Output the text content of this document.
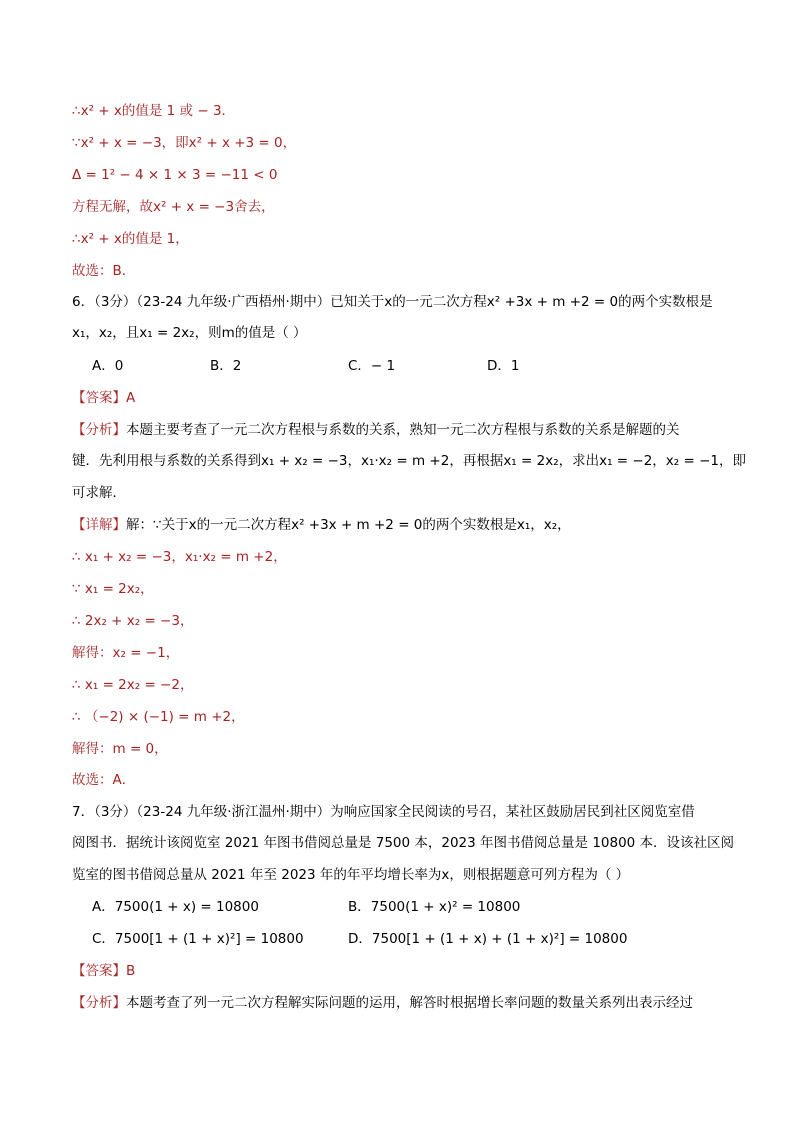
∴x² + x的值是 1 或 − 3．
∵x² + x = −3，即x² + x +3 = 0，
Δ = 1² − 4 × 1 × 3 = −11 < 0
方程无解，故x² + x = −3舍去，
∴x² + x的值是 1，
故选：B．
6．（3分）（23-24 九年级·广西梧州·期中）已知关于x的一元二次方程x² +3x + m +2 = 0的两个实数根是
x₁，x₂，且x₁ = 2x₂，则m的值是（ ）
A．0	B．2	C．− 1	D．1
【答案】A
【分析】本题主要考查了一元二次方程根与系数的关系，熟知一元二次方程根与系数的关系是解题的关
键．先利用根与系数的关系得到x₁ + x₂ = −3，x₁·x₂ = m +2，再根据x₁ = 2x₂，求出x₁ = −2，x₂ = −1，即
可求解．
【详解】解：∵关于x的一元二次方程x² +3x + m +2 = 0的两个实数根是x₁，x₂，
∴ x₁ + x₂ = −3，x₁·x₂ = m +2，
∵ x₁ = 2x₂，
∴ 2x₂ + x₂ = −3，
解得：x₂ = −1，
∴ x₁ = 2x₂ = −2，
∴ （−2) × (−1) = m +2，
解得：m = 0，
故选：A．
7．（3分）（23-24 九年级·浙江温州·期中）为响应国家全民阅读的号召，某社区鼓励居民到社区阅览室借
阅图书．据统计该阅览室 2021 年图书借阅总量是 7500 本，2023 年图书借阅总量是 10800 本．设该社区阅
览室的图书借阅总量从 2021 年至 2023 年的年平均增长率为x，则根据题意可列方程为（ ）
A．7500(1 + x) = 10800	B．7500(1 + x)² = 10800
C．7500[1 + (1 + x)²] = 10800	D．7500[1 + (1 + x) + (1 + x)²] = 10800
【答案】B
【分析】本题考查了列一元二次方程解实际问题的运用，解答时根据增长率问题的数量关系列出表示经过
